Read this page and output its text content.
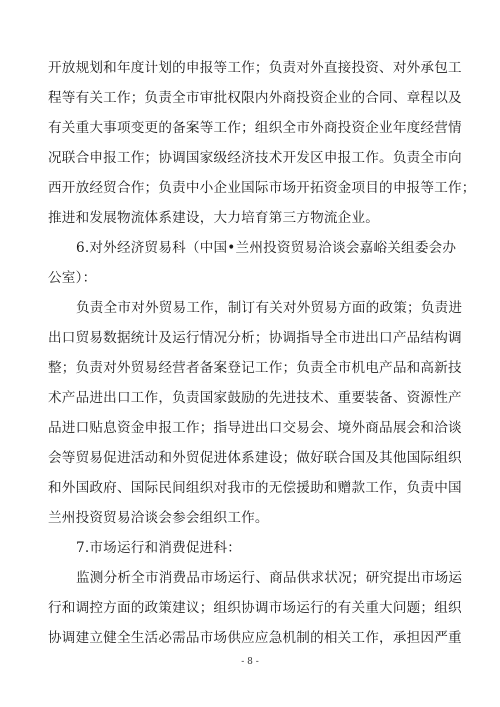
开放规划和年度计划的申报等工作；负责对外直接投资、对外承包工
程等有关工作；负责全市审批权限内外商投资企业的合同、章程以及
有关重大事项变更的备案等工作；组织全市外商投资企业年度经营情
况联合申报工作；协调国家级经济技术开发区申报工作。负责全市向
西开放经贸合作；负责中小企业国际市场开拓资金项目的申报等工作；
推进和发展物流体系建设，大力培育第三方物流企业。
6.对外经济贸易科（中国•兰州投资贸易洽谈会嘉峪关组委会办
公室）：
负责全市对外贸易工作，制订有关对外贸易方面的政策；负责进
出口贸易数据统计及运行情况分析；协调指导全市进出口产品结构调
整；负责对外贸易经营者备案登记工作；负责全市机电产品和高新技
术产品进出口工作，负责国家鼓励的先进技术、重要装备、资源性产
品进口贴息资金申报工作；指导进出口交易会、境外商品展会和洽谈
会等贸易促进活动和外贸促进体系建设；做好联合国及其他国际组织
和外国政府、国际民间组织对我市的无偿援助和赠款工作，负责中国
兰州投资贸易洽谈会参会组织工作。
7.市场运行和消费促进科：
监测分析全市消费品市场运行、商品供求状况；研究提出市场运
行和调控方面的政策建议；组织协调市场运行的有关重大问题；组织
协调建立健全生活必需品市场供应应急机制的相关工作，承担因严重
- 8 -
